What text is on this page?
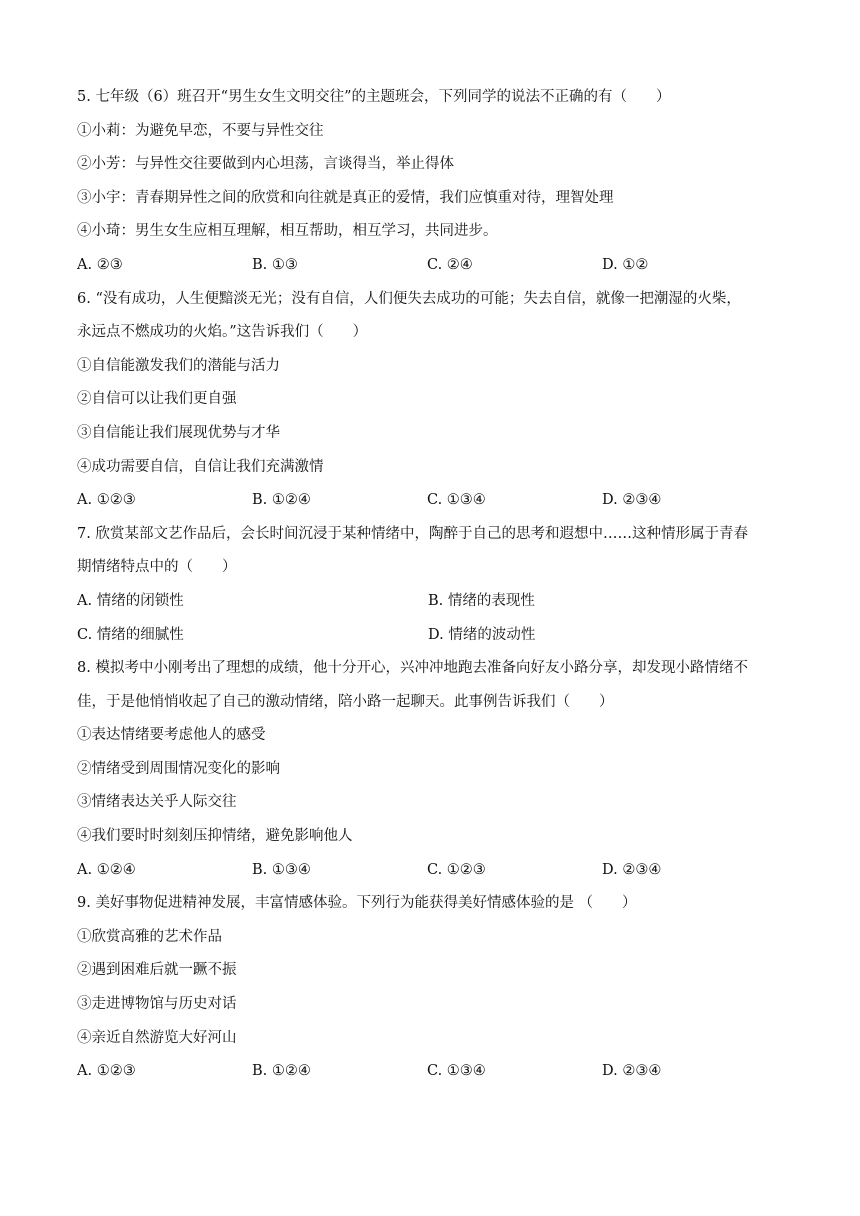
5. 七年级（6）班召开“男生女生文明交往”的主题班会，下列同学的说法不正确的有（　　）
①小莉：为避免早恋，不要与异性交往
②小芳：与异性交往要做到内心坦荡，言谈得当，举止得体
③小宇：青春期异性之间的欣赏和向往就是真正的爱情，我们应慎重对待，理智处理
④小琦：男生女生应相互理解，相互帮助，相互学习，共同进步。
A. ②③	B. ①③	C. ②④	D. ①②
6. “没有成功，人生便黯淡无光；没有自信，人们便失去成功的可能；失去自信，就像一把潮湿的火柴，
永远点不燃成功的火焰。”这告诉我们（　　）
①自信能激发我们的潜能与活力
②自信可以让我们更自强
③自信能让我们展现优势与才华
④成功需要自信，自信让我们充满激情
A. ①②③	B. ①②④	C. ①③④	D. ②③④
7. 欣赏某部文艺作品后，会长时间沉浸于某种情绪中，陶醉于自己的思考和遐想中……这种情形属于青春
期情绪特点中的（　　）
A. 情绪的闭锁性	B. 情绪的表现性
C. 情绪的细腻性	D. 情绪的波动性
8. 模拟考中小刚考出了理想的成绩，他十分开心，兴冲冲地跑去准备向好友小路分享，却发现小路情绪不
佳，于是他悄悄收起了自己的激动情绪，陪小路一起聊天。此事例告诉我们（　　）
①表达情绪要考虑他人的感受
②情绪受到周围情况变化的影响
③情绪表达关乎人际交往
④我们要时时刻刻压抑情绪，避免影响他人
A. ①②④	B. ①③④	C. ①②③	D. ②③④
9. 美好事物促进精神发展，丰富情感体验。下列行为能获得美好情感体验的是 （　　）
①欣赏高雅的艺术作品
②遇到困难后就一蹶不振
③走进博物馆与历史对话
④亲近自然游览大好河山
A. ①②③	B. ①②④	C. ①③④	D. ②③④
